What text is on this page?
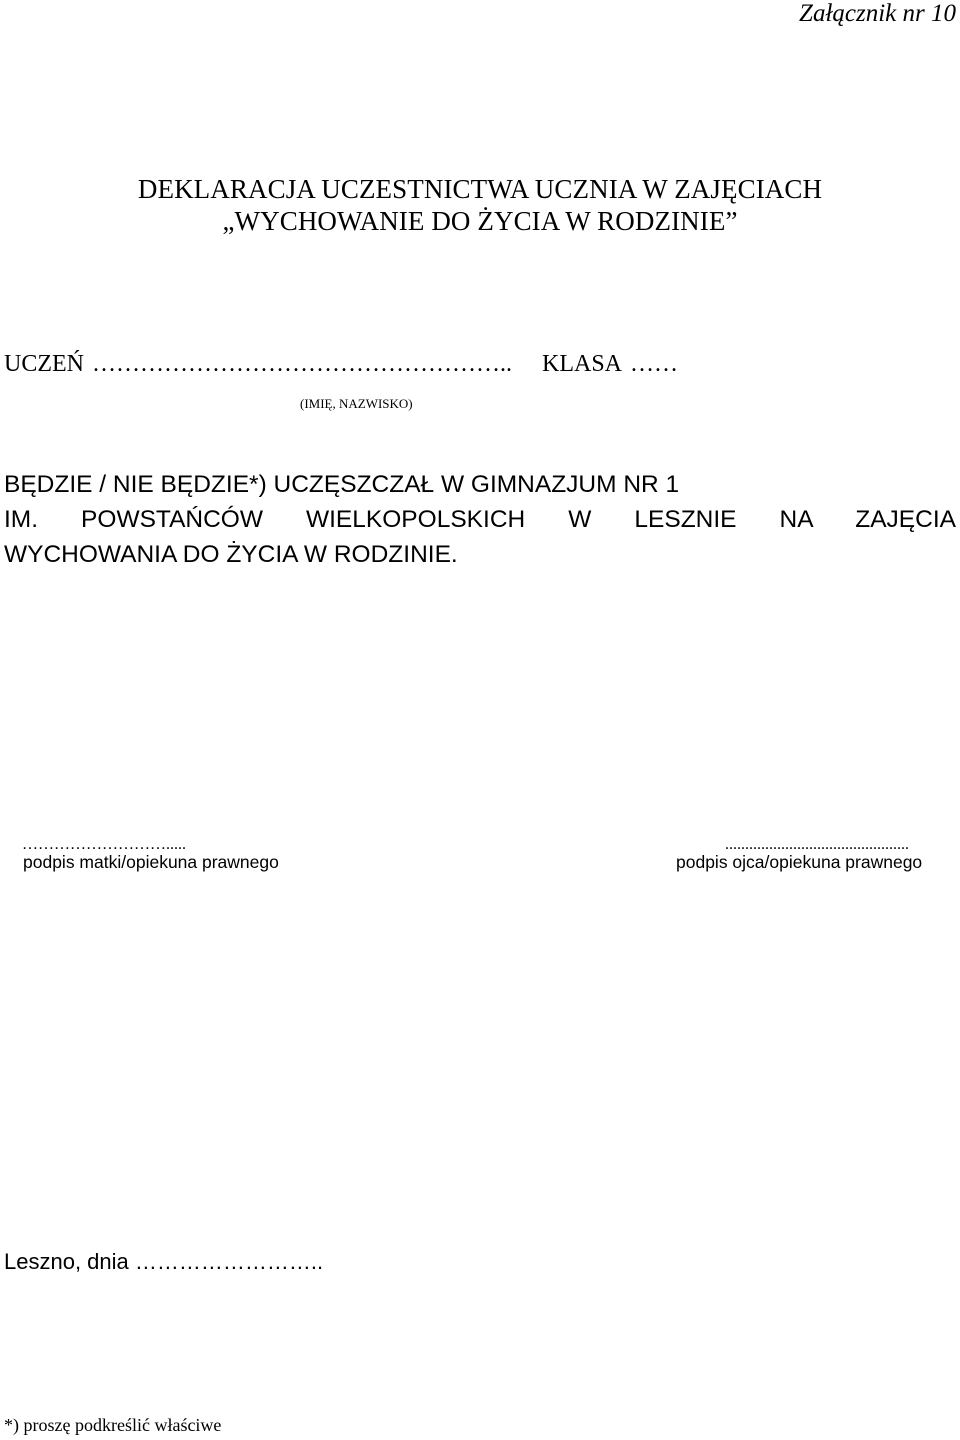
Załącznik nr 10
DEKLARACJA UCZESTNICTWA UCZNIA W ZAJĘCIACH
„WYCHOWANIE DO ŻYCIA W RODZINIE”
UCZEŃ …………………………………………….. KLASA ……
(IMIĘ, NAZWISKO)
BĘDZIE / NIE BĘDZIE*) UCZĘSZCZAŁ W GIMNAZJUM NR 1
IM. POWSTAŃCÓW WIELKOPOLSKICH W LESZNIE NA ZAJĘCIA
WYCHOWANIA DO ŻYCIA W RODZINIE.
……………………….....
podpis matki/opiekuna prawnego
..............................................
podpis ojca/opiekuna prawnego
Leszno, dnia ……………………..
*) proszę podkreślić właściwe
